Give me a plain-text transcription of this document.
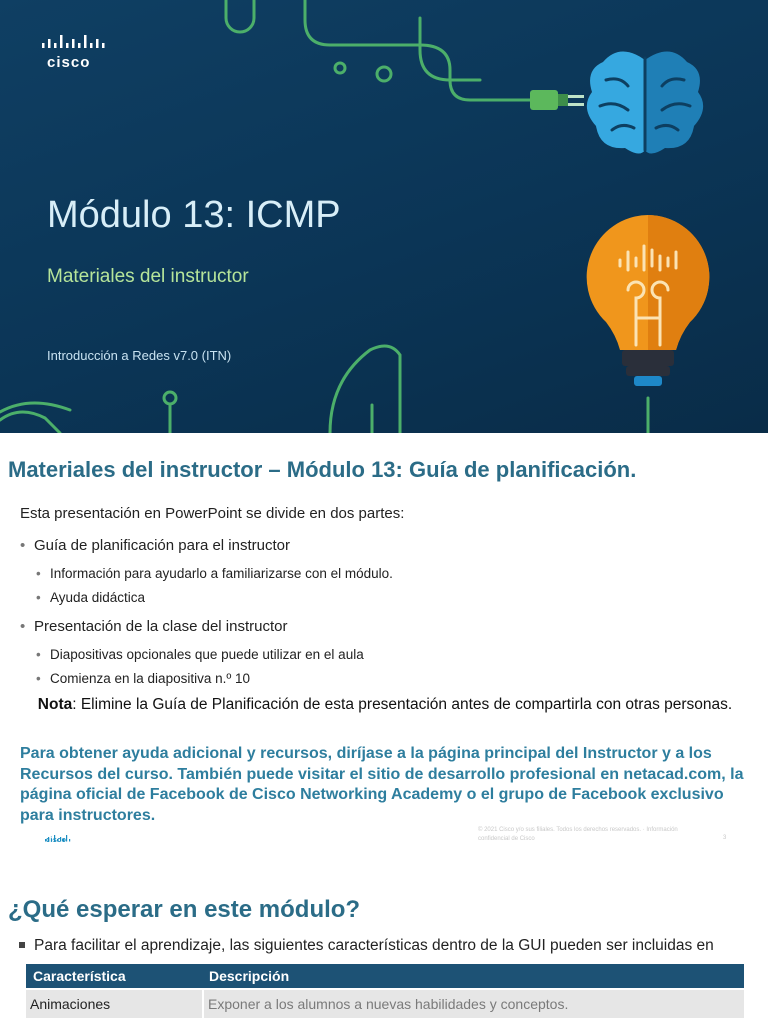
cisco
Módulo 13: ICMP
Materiales del instructor
Introducción a Redes v7.0 (ITN)
Materiales del instructor – Módulo 13: Guía de planificación.
Esta presentación en PowerPoint se divide en dos partes:
• Guía de planificación para el instructor
• Información para ayudarlo a familiarizarse con el módulo.
• Ayuda didáctica
• Presentación de la clase del instructor
• Diapositivas opcionales que puede utilizar en el aula
• Comienza en la diapositiva n.º 10
Nota: Elimine la Guía de Planificación de esta presentación antes de compartirla con otras personas.
Para obtener ayuda adicional y recursos, diríjase a la página principal del Instructor y a los Recursos del curso. También puede visitar el sitio de desarrollo profesional en netacad.com, la página oficial de Facebook de Cisco Networking Academy o el grupo de Facebook exclusivo para instructores.
cisco
© 2021 Cisco y/o sus filiales. Todos los derechos reservados. · Información confidencial de Cisco	3
¿Qué esperar en este módulo?
Para facilitar el aprendizaje, las siguientes características dentro de la GUI pueden ser incluidas en
Característica	Descripción
Animaciones	Exponer a los alumnos a nuevas habilidades y conceptos.
